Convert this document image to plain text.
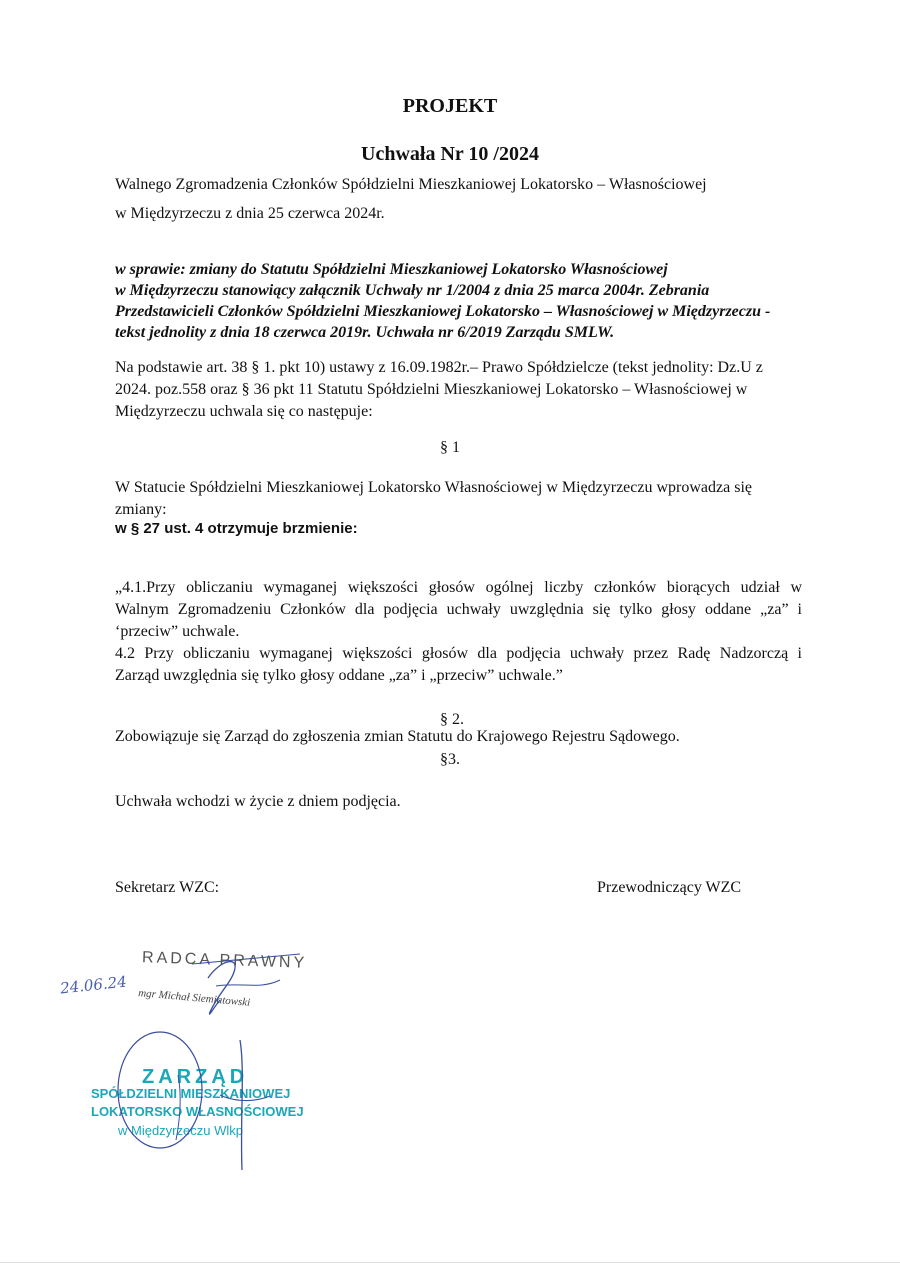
PROJEKT
Uchwała Nr 10 /2024
Walnego Zgromadzenia Członków Spółdzielni Mieszkaniowej Lokatorsko – Własnościowej
w Międzyrzeczu z dnia 25 czerwca 2024r.
w sprawie: zmiany do Statutu Spółdzielni Mieszkaniowej Lokatorsko Własnościowej
w Międzyrzeczu stanowiący załącznik Uchwały nr 1/2004 z dnia 25 marca 2004r. Zebrania
Przedstawicieli Członków Spółdzielni Mieszkaniowej Lokatorsko – Własnościowej w Międzyrzeczu -
tekst jednolity z dnia 18 czerwca 2019r. Uchwała nr 6/2019 Zarządu SMLW.
Na podstawie art. 38 § 1. pkt 10) ustawy z 16.09.1982r.– Prawo Spółdzielcze (tekst jednolity: Dz.U z
2024. poz.558 oraz § 36 pkt 11 Statutu Spółdzielni Mieszkaniowej Lokatorsko – Własnościowej w
Międzyrzeczu uchwala się co następuje:
§ 1
W Statucie Spółdzielni Mieszkaniowej Lokatorsko Własnościowej w Międzyrzeczu wprowadza się
zmiany:
w § 27 ust. 4 otrzymuje brzmienie:
„4.1.Przy obliczaniu wymaganej większości głosów ogólnej liczby członków biorących udział w
Walnym Zgromadzeniu Członków dla podjęcia uchwały uwzględnia się tylko głosy oddane „za” i
‘przeciw” uchwale.
4.2 Przy obliczaniu wymaganej większości głosów dla podjęcia uchwały przez Radę Nadzorczą i
Zarząd uwzględnia się tylko głosy oddane „za” i „przeciw” uchwale.”
§ 2.
Zobowiązuje się Zarząd do zgłoszenia zmian Statutu do Krajowego Rejestru Sądowego.
§3.
Uchwała wchodzi w życie z dniem podjęcia.
Sekretarz WZC:	Przewodniczący WZC
RADCA PRAWNY
mgr Michał Siemiatowski
24.06.24
ZARZĄD
SPÓŁDZIELNI MIESZKANIOWEJ
LOKATORSKO WŁASNOŚCIOWEJ
w Międzyrzeczu Wlkp
